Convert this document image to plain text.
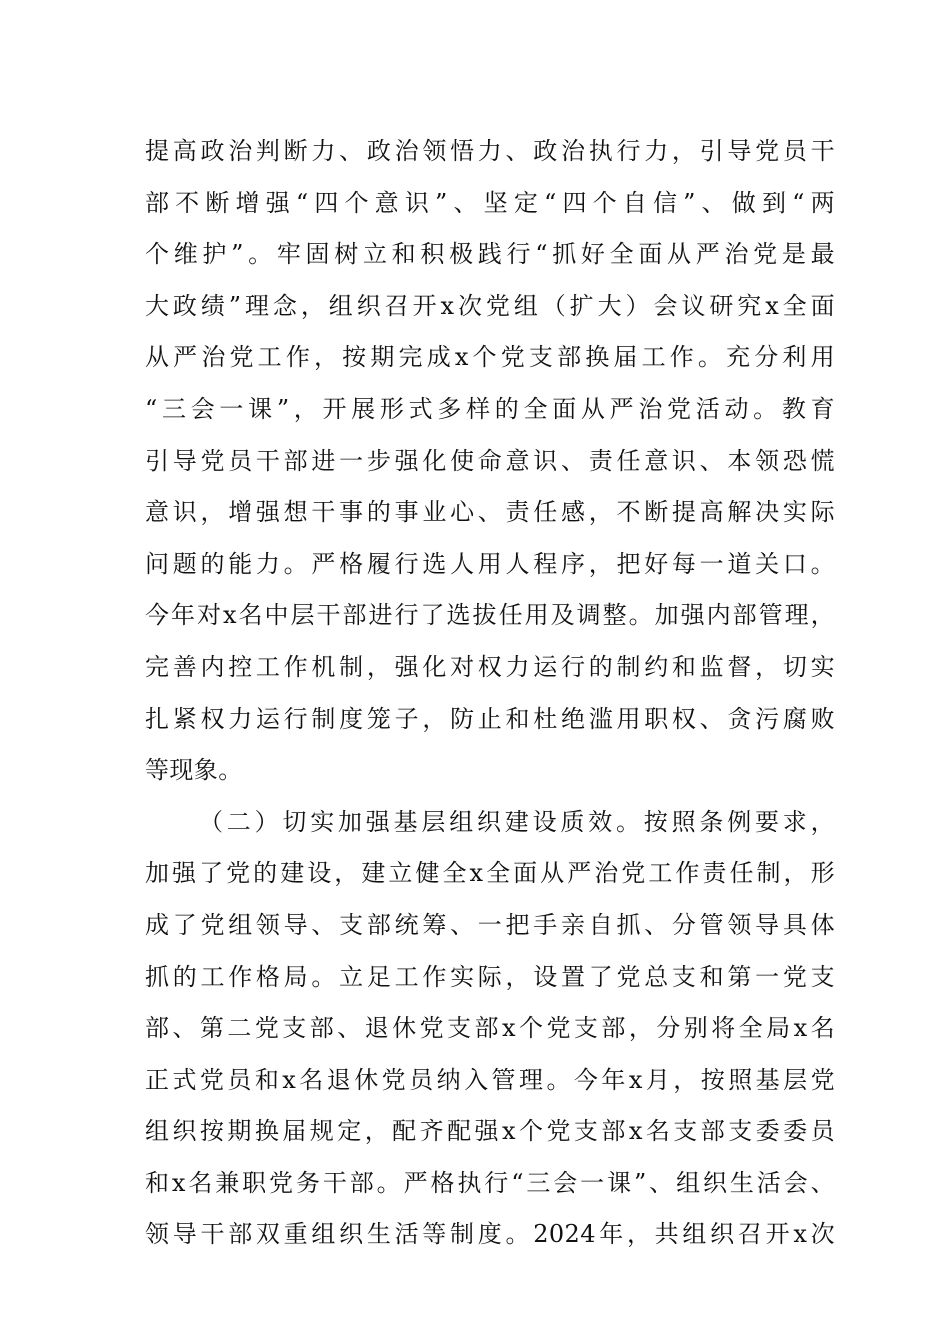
提高政治判断力、政治领悟力、政治执行力，引导党员干
部不断增强“四个意识”、坚定“四个自信”、做到“两
个维护”。牢固树立和积极践行“抓好全面从严治党是最
大政绩”理念，组织召开x次党组（扩大）会议研究x全面
从严治党工作，按期完成x个党支部换届工作。充分利用
“三会一课”，开展形式多样的全面从严治党活动。教育
引导党员干部进一步强化使命意识、责任意识、本领恐慌
意识，增强想干事的事业心、责任感，不断提高解决实际
问题的能力。严格履行选人用人程序，把好每一道关口。
今年对x名中层干部进行了选拔任用及调整。加强内部管理，
完善内控工作机制，强化对权力运行的制约和监督，切实
扎紧权力运行制度笼子，防止和杜绝滥用职权、贪污腐败
等现象。
（二）切实加强基层组织建设质效。按照条例要求，
加强了党的建设，建立健全x全面从严治党工作责任制，形
成了党组领导、支部统筹、一把手亲自抓、分管领导具体
抓的工作格局。立足工作实际，设置了党总支和第一党支
部、第二党支部、退休党支部x个党支部，分别将全局x名
正式党员和x名退休党员纳入管理。今年x月，按照基层党
组织按期换届规定，配齐配强x个党支部x名支部支委委员
和x名兼职党务干部。严格执行“三会一课”、组织生活会、
领导干部双重组织生活等制度。2024年，共组织召开x次
